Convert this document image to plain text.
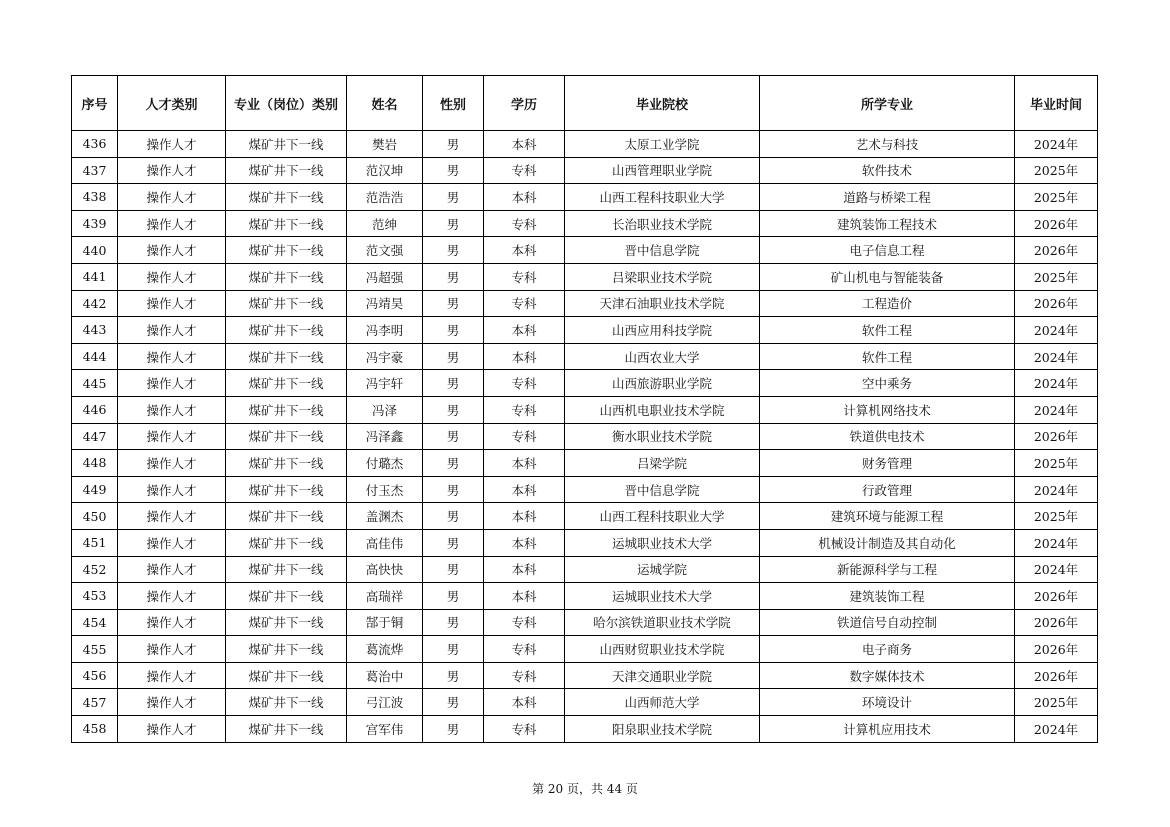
序号	人才类别	专业（岗位）类别	姓名	性别	学历	毕业院校	所学专业	毕业时间
436	操作人才	煤矿井下一线	樊岩	男	本科	太原工业学院	艺术与科技	2024年
437	操作人才	煤矿井下一线	范汉坤	男	专科	山西管理职业学院	软件技术	2025年
438	操作人才	煤矿井下一线	范浩浩	男	本科	山西工程科技职业大学	道路与桥梁工程	2025年
439	操作人才	煤矿井下一线	范绅	男	专科	长治职业技术学院	建筑装饰工程技术	2026年
440	操作人才	煤矿井下一线	范文强	男	本科	晋中信息学院	电子信息工程	2026年
441	操作人才	煤矿井下一线	冯超强	男	专科	吕梁职业技术学院	矿山机电与智能装备	2025年
442	操作人才	煤矿井下一线	冯靖昊	男	专科	天津石油职业技术学院	工程造价	2026年
443	操作人才	煤矿井下一线	冯李明	男	本科	山西应用科技学院	软件工程	2024年
444	操作人才	煤矿井下一线	冯宇豪	男	本科	山西农业大学	软件工程	2024年
445	操作人才	煤矿井下一线	冯宇轩	男	专科	山西旅游职业学院	空中乘务	2024年
446	操作人才	煤矿井下一线	冯泽	男	专科	山西机电职业技术学院	计算机网络技术	2024年
447	操作人才	煤矿井下一线	冯泽鑫	男	专科	衡水职业技术学院	铁道供电技术	2026年
448	操作人才	煤矿井下一线	付璐杰	男	本科	吕梁学院	财务管理	2025年
449	操作人才	煤矿井下一线	付玉杰	男	本科	晋中信息学院	行政管理	2024年
450	操作人才	煤矿井下一线	盖渊杰	男	本科	山西工程科技职业大学	建筑环境与能源工程	2025年
451	操作人才	煤矿井下一线	高佳伟	男	本科	运城职业技术大学	机械设计制造及其自动化	2024年
452	操作人才	煤矿井下一线	高快快	男	本科	运城学院	新能源科学与工程	2024年
453	操作人才	煤矿井下一线	高瑞祥	男	本科	运城职业技术大学	建筑装饰工程	2026年
454	操作人才	煤矿井下一线	郜于铜	男	专科	哈尔滨铁道职业技术学院	铁道信号自动控制	2026年
455	操作人才	煤矿井下一线	葛流烨	男	专科	山西财贸职业技术学院	电子商务	2026年
456	操作人才	煤矿井下一线	葛治中	男	专科	天津交通职业学院	数字媒体技术	2026年
457	操作人才	煤矿井下一线	弓江波	男	本科	山西师范大学	环境设计	2025年
458	操作人才	煤矿井下一线	宫军伟	男	专科	阳泉职业技术学院	计算机应用技术	2024年
第 20 页，共 44 页
